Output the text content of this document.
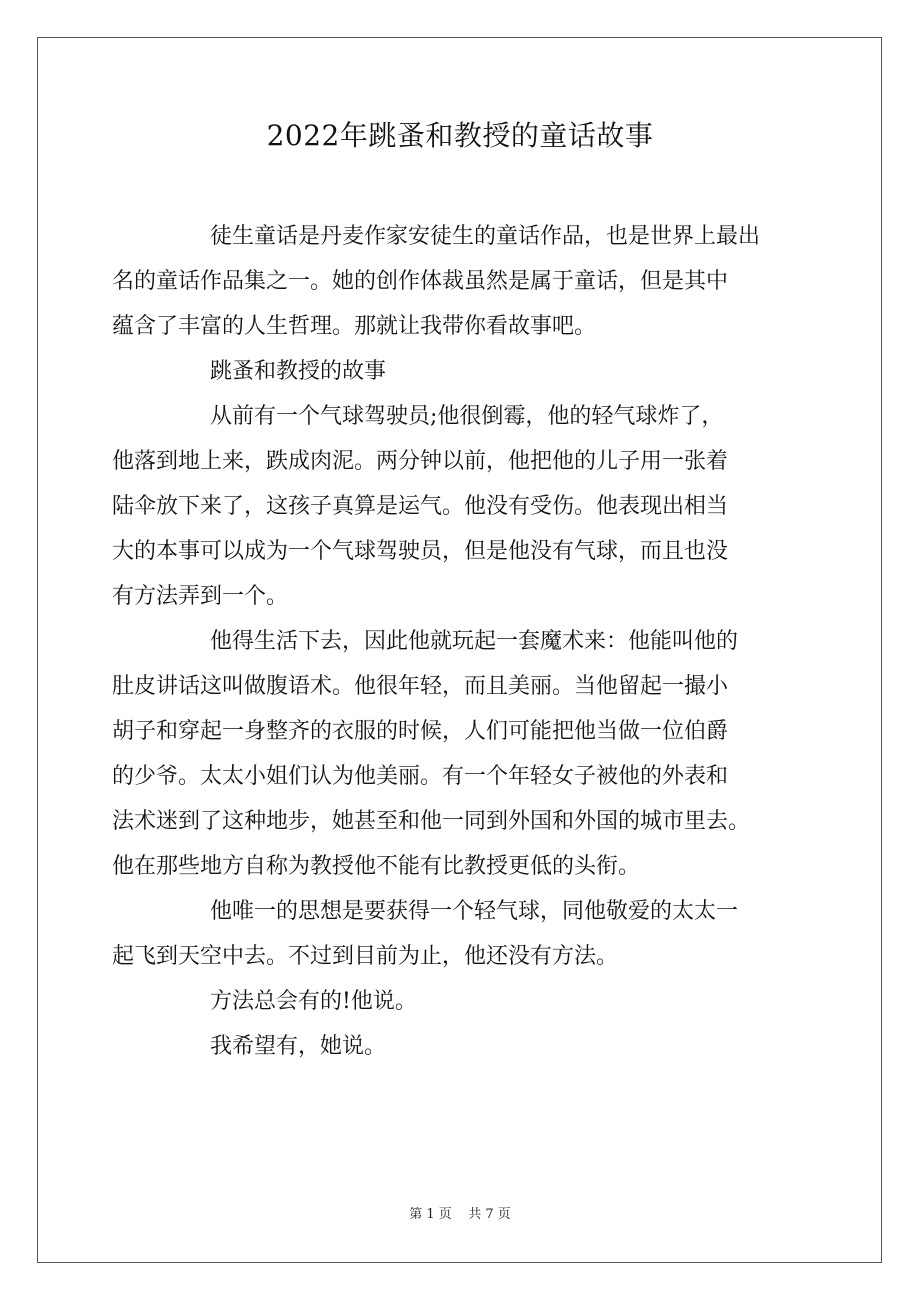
2022年跳蚤和教授的童话故事

徒生童话是丹麦作家安徒生的童话作品，也是世界上最出
名的童话作品集之一。她的创作体裁虽然是属于童话，但是其中
蕴含了丰富的人生哲理。那就让我带你看故事吧。

跳蚤和教授的故事

从前有一个气球驾驶员;他很倒霉，他的轻气球炸了，
他落到地上来，跌成肉泥。两分钟以前，他把他的儿子用一张着
陆伞放下来了，这孩子真算是运气。他没有受伤。他表现出相当
大的本事可以成为一个气球驾驶员，但是他没有气球，而且也没
有方法弄到一个。

他得生活下去，因此他就玩起一套魔术来：他能叫他的
肚皮讲话这叫做腹语术。他很年轻，而且美丽。当他留起一撮小
胡子和穿起一身整齐的衣服的时候，人们可能把他当做一位伯爵
的少爷。太太小姐们认为他美丽。有一个年轻女子被他的外表和
法术迷到了这种地步，她甚至和他一同到外国和外国的城市里去。
他在那些地方自称为教授他不能有比教授更低的头衔。

他唯一的思想是要获得一个轻气球，同他敬爱的太太一
起飞到天空中去。不过到目前为止，他还没有方法。

方法总会有的!他说。

我希望有，她说。

第 1 页    共 7 页
